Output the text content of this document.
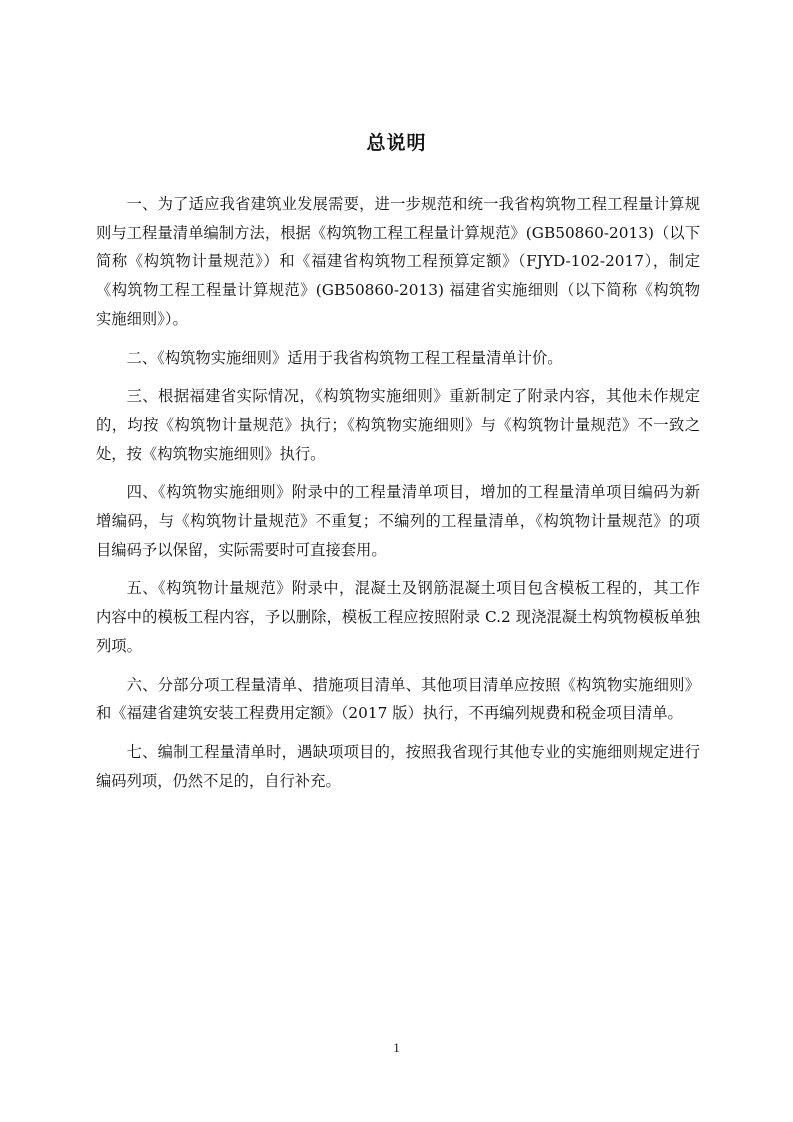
总说明

一、为了适应我省建筑业发展需要，进一步规范和统一我省构筑物工程工程量计算规则与工程量清单编制方法，根据《构筑物工程工程量计算规范》(GB50860-2013)（以下简称《构筑物计量规范》）和《福建省构筑物工程预算定额》（FJYD-102-2017），制定《构筑物工程工程量计算规范》(GB50860-2013) 福建省实施细则（以下简称《构筑物实施细则》）。

二、《构筑物实施细则》适用于我省构筑物工程工程量清单计价。

三、根据福建省实际情况，《构筑物实施细则》重新制定了附录内容，其他未作规定的，均按《构筑物计量规范》执行；《构筑物实施细则》与《构筑物计量规范》不一致之处，按《构筑物实施细则》执行。

四、《构筑物实施细则》附录中的工程量清单项目，增加的工程量清单项目编码为新增编码，与《构筑物计量规范》不重复；不编列的工程量清单，《构筑物计量规范》的项目编码予以保留，实际需要时可直接套用。

五、《构筑物计量规范》附录中，混凝土及钢筋混凝土项目包含模板工程的，其工作内容中的模板工程内容，予以删除，模板工程应按照附录 C.2 现浇混凝土构筑物模板单独列项。

六、分部分项工程量清单、措施项目清单、其他项目清单应按照《构筑物实施细则》和《福建省建筑安装工程费用定额》（2017 版）执行，不再编列规费和税金项目清单。

七、编制工程量清单时，遇缺项项目的，按照我省现行其他专业的实施细则规定进行编码列项，仍然不足的，自行补充。

1
